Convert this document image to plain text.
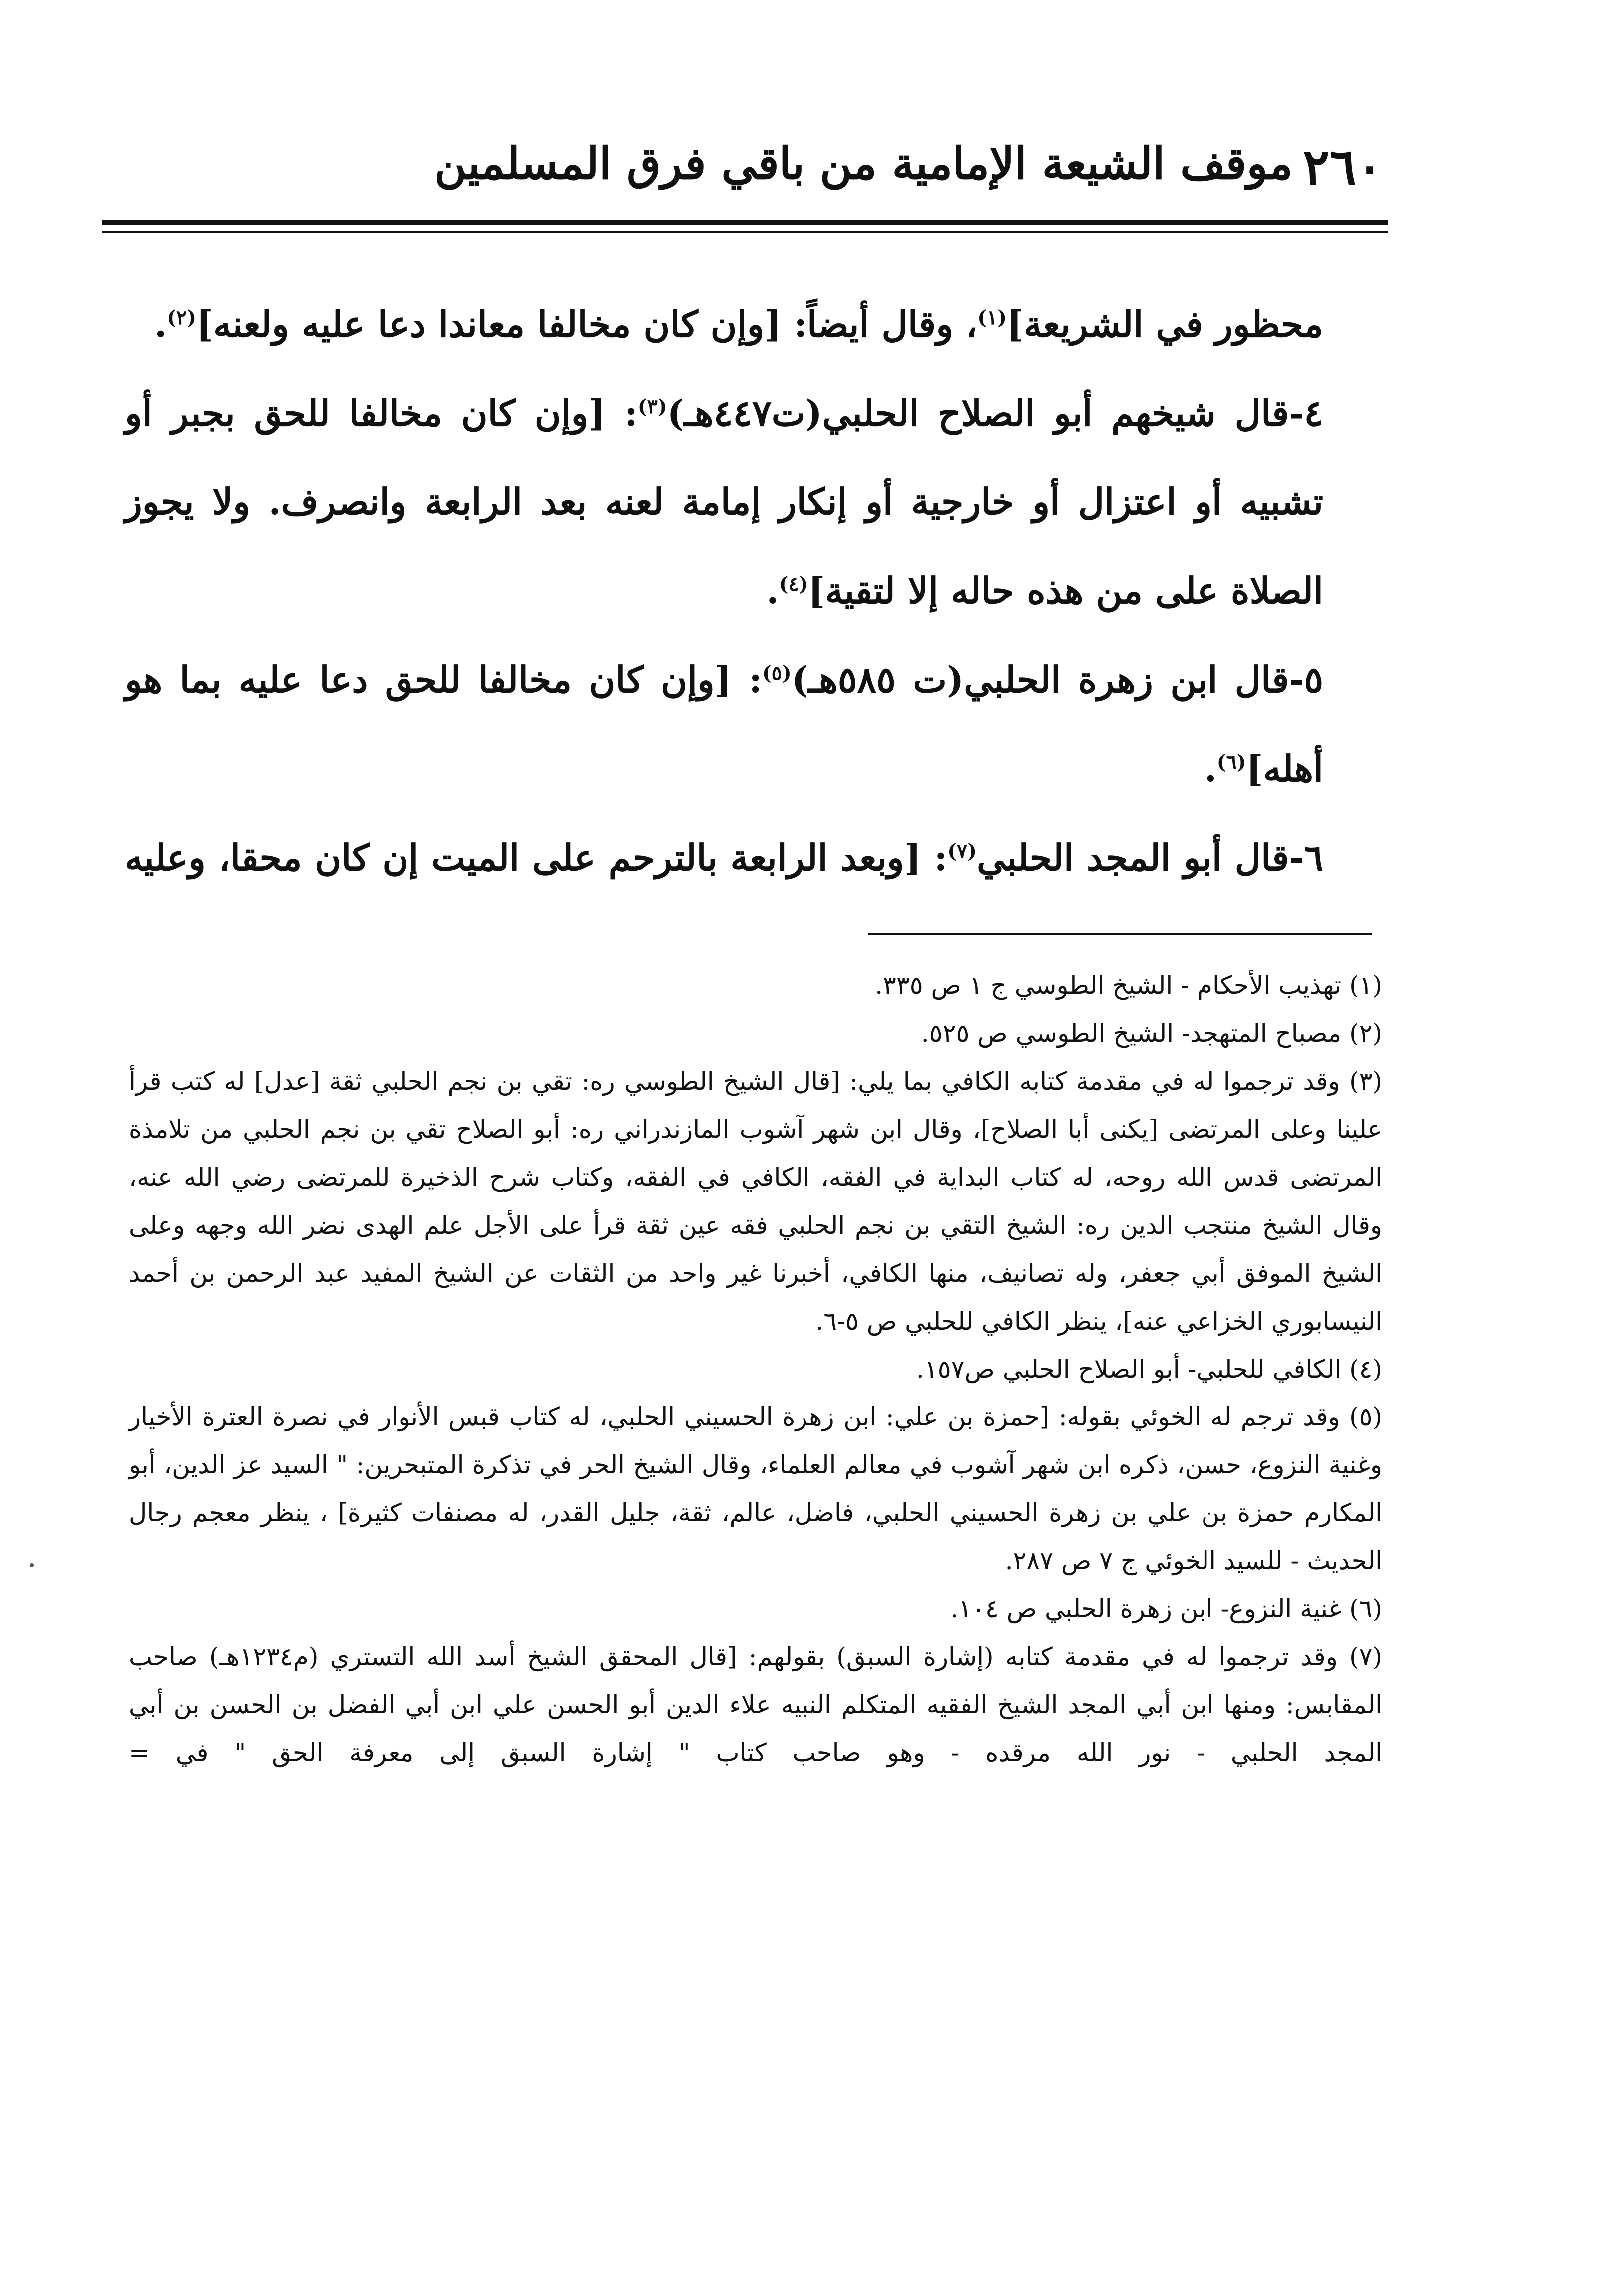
٢٦٠
موقف الشيعة الإمامية من باقي فرق المسلمين

محظور في الشريعة]$^{(١)}$، وقال أيضاً: [وإن كان مخالفا معاندا دعا عليه ولعنه]$^{(٢)}$.

٤-قال شيخهم أبو الصلاح الحلبي(ت٤٤٧هـ)$^{(٣)}$: [وإن كان مخالفا للحق بجبر أو تشبيه أو اعتزال أو خارجية أو إنكار إمامة لعنه بعد الرابعة وانصرف. ولا يجوز الصلاة على من هذه حاله إلا لتقية]$^{(٤)}$.

٥-قال ابن زهرة الحلبي(ت ٥٨٥هـ)$^{(٥)}$: [وإن كان مخالفا للحق دعا عليه بما هو أهله]$^{(٦)}$.

٦-قال أبو المجد الحلبي$^{(٧)}$: [وبعد الرابعة بالترحم على الميت إن كان محقا، وعليه

(١) تهذيب الأحكام - الشيخ الطوسي ج ١ ص ٣٣٥.

(٢) مصباح المتهجد- الشيخ الطوسي ص ٥٢٥.

(٣) وقد ترجموا له في مقدمة كتابه الكافي بما يلي: [قال الشيخ الطوسي ره: تقي بن نجم الحلبي ثقة [عدل] له كتب قرأ علينا وعلى المرتضى [يكنى أبا الصلاح]، وقال ابن شهر آشوب المازندراني ره: أبو الصلاح تقي بن نجم الحلبي من تلامذة المرتضى قدس الله روحه، له كتاب البداية في الفقه، الكافي في الفقه، وكتاب شرح الذخيرة للمرتضى رضي الله عنه، وقال الشيخ منتجب الدين ره: الشيخ التقي بن نجم الحلبي فقه عين ثقة قرأ على الأجل علم الهدى نضر الله وجهه وعلى الشيخ الموفق أبي جعفر، وله تصانيف، منها الكافي، أخبرنا غير واحد من الثقات عن الشيخ المفيد عبد الرحمن بن أحمد النيسابوري الخزاعي عنه]، ينظر الكافي للحلبي ص ٥-٦.

(٤) الكافي للحلبي- أبو الصلاح الحلبي ص١٥٧.

(٥) وقد ترجم له الخوئي بقوله: [حمزة بن علي: ابن زهرة الحسيني الحلبي، له كتاب قبس الأنوار في نصرة العترة الأخيار وغنية النزوع، حسن، ذكره ابن شهر آشوب في معالم العلماء، وقال الشيخ الحر في تذكرة المتبحرين: " السيد عز الدين، أبو المكارم حمزة بن علي بن زهرة الحسيني الحلبي، فاضل، عالم، ثقة، جليل القدر، له مصنفات كثيرة] ، ينظر معجم رجال الحديث - للسيد الخوئي ج ٧ ص ٢٨٧.

(٦) غنية النزوع- ابن زهرة الحلبي ص ١٠٤.

(٧) وقد ترجموا له في مقدمة كتابه (إشارة السبق) بقولهم: [قال المحقق الشيخ أسد الله التستري (م١٢٣٤هـ) صاحب المقابس: ومنها ابن أبي المجد الشيخ الفقيه المتكلم النبيه علاء الدين أبو الحسن علي ابن أبي الفضل بن الحسن بن أبي المجد الحلبي - نور الله مرقده - وهو صاحب كتاب " إشارة السبق إلى معرفة الحق " في =
